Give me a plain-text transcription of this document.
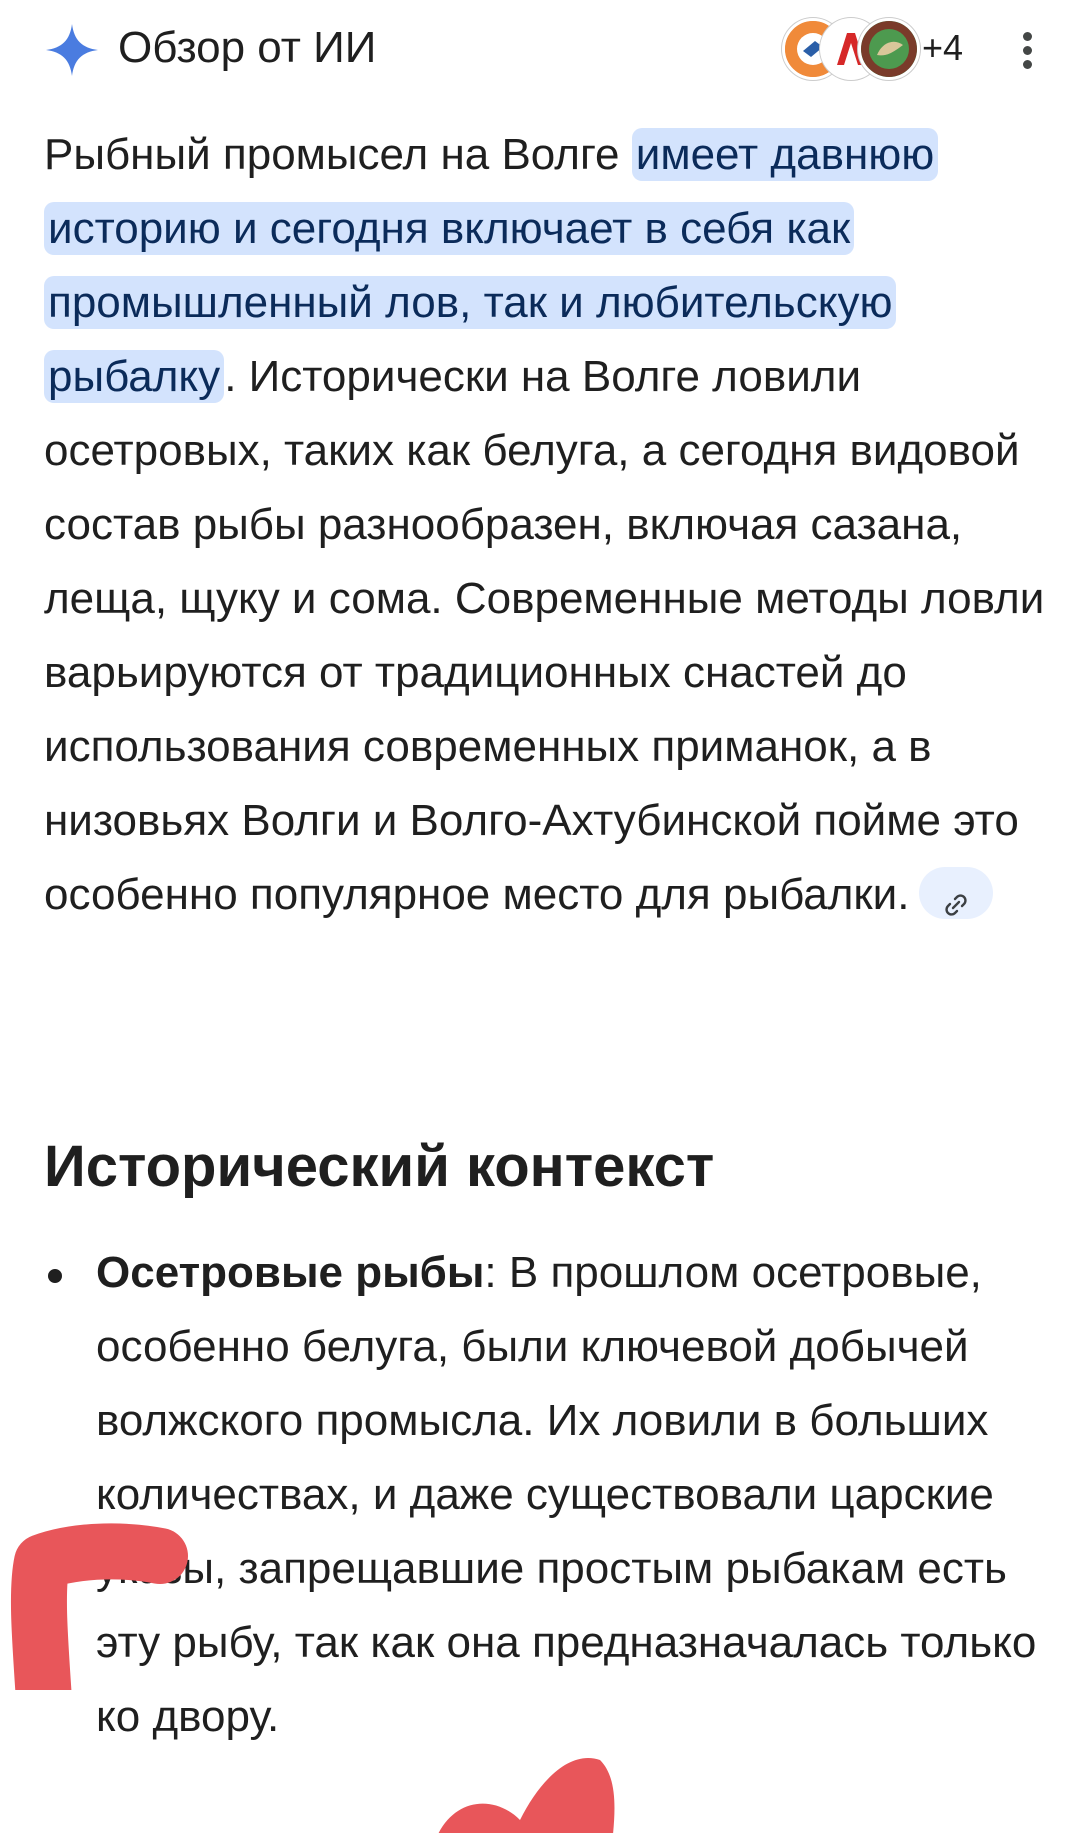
Обзор от ИИ	+4
Рыбный промысел на Волге имеет давнюю историю и сегодня включает в себя как промышленный лов, так и любительскую рыбалку. Исторически на Волге ловили осетровых, таких как белуга, а сегодня видовой состав рыбы разнообразен, включая сазана, леща, щуку и сома. Современные методы ловли варьируются от традиционных снастей до использования современных приманок, а в низовьях Волги и Волго-Ахтубинской пойме это особенно популярное место для рыбалки.
Исторический контекст
Осетровые рыбы: В прошлом осетровые, особенно белуга, были ключевой добычей волжского промысла. Их ловили в больших количествах, и даже существовали царские указы, запрещавшие простым рыбакам есть эту рыбу, так как она предназначалась только ко двору.
